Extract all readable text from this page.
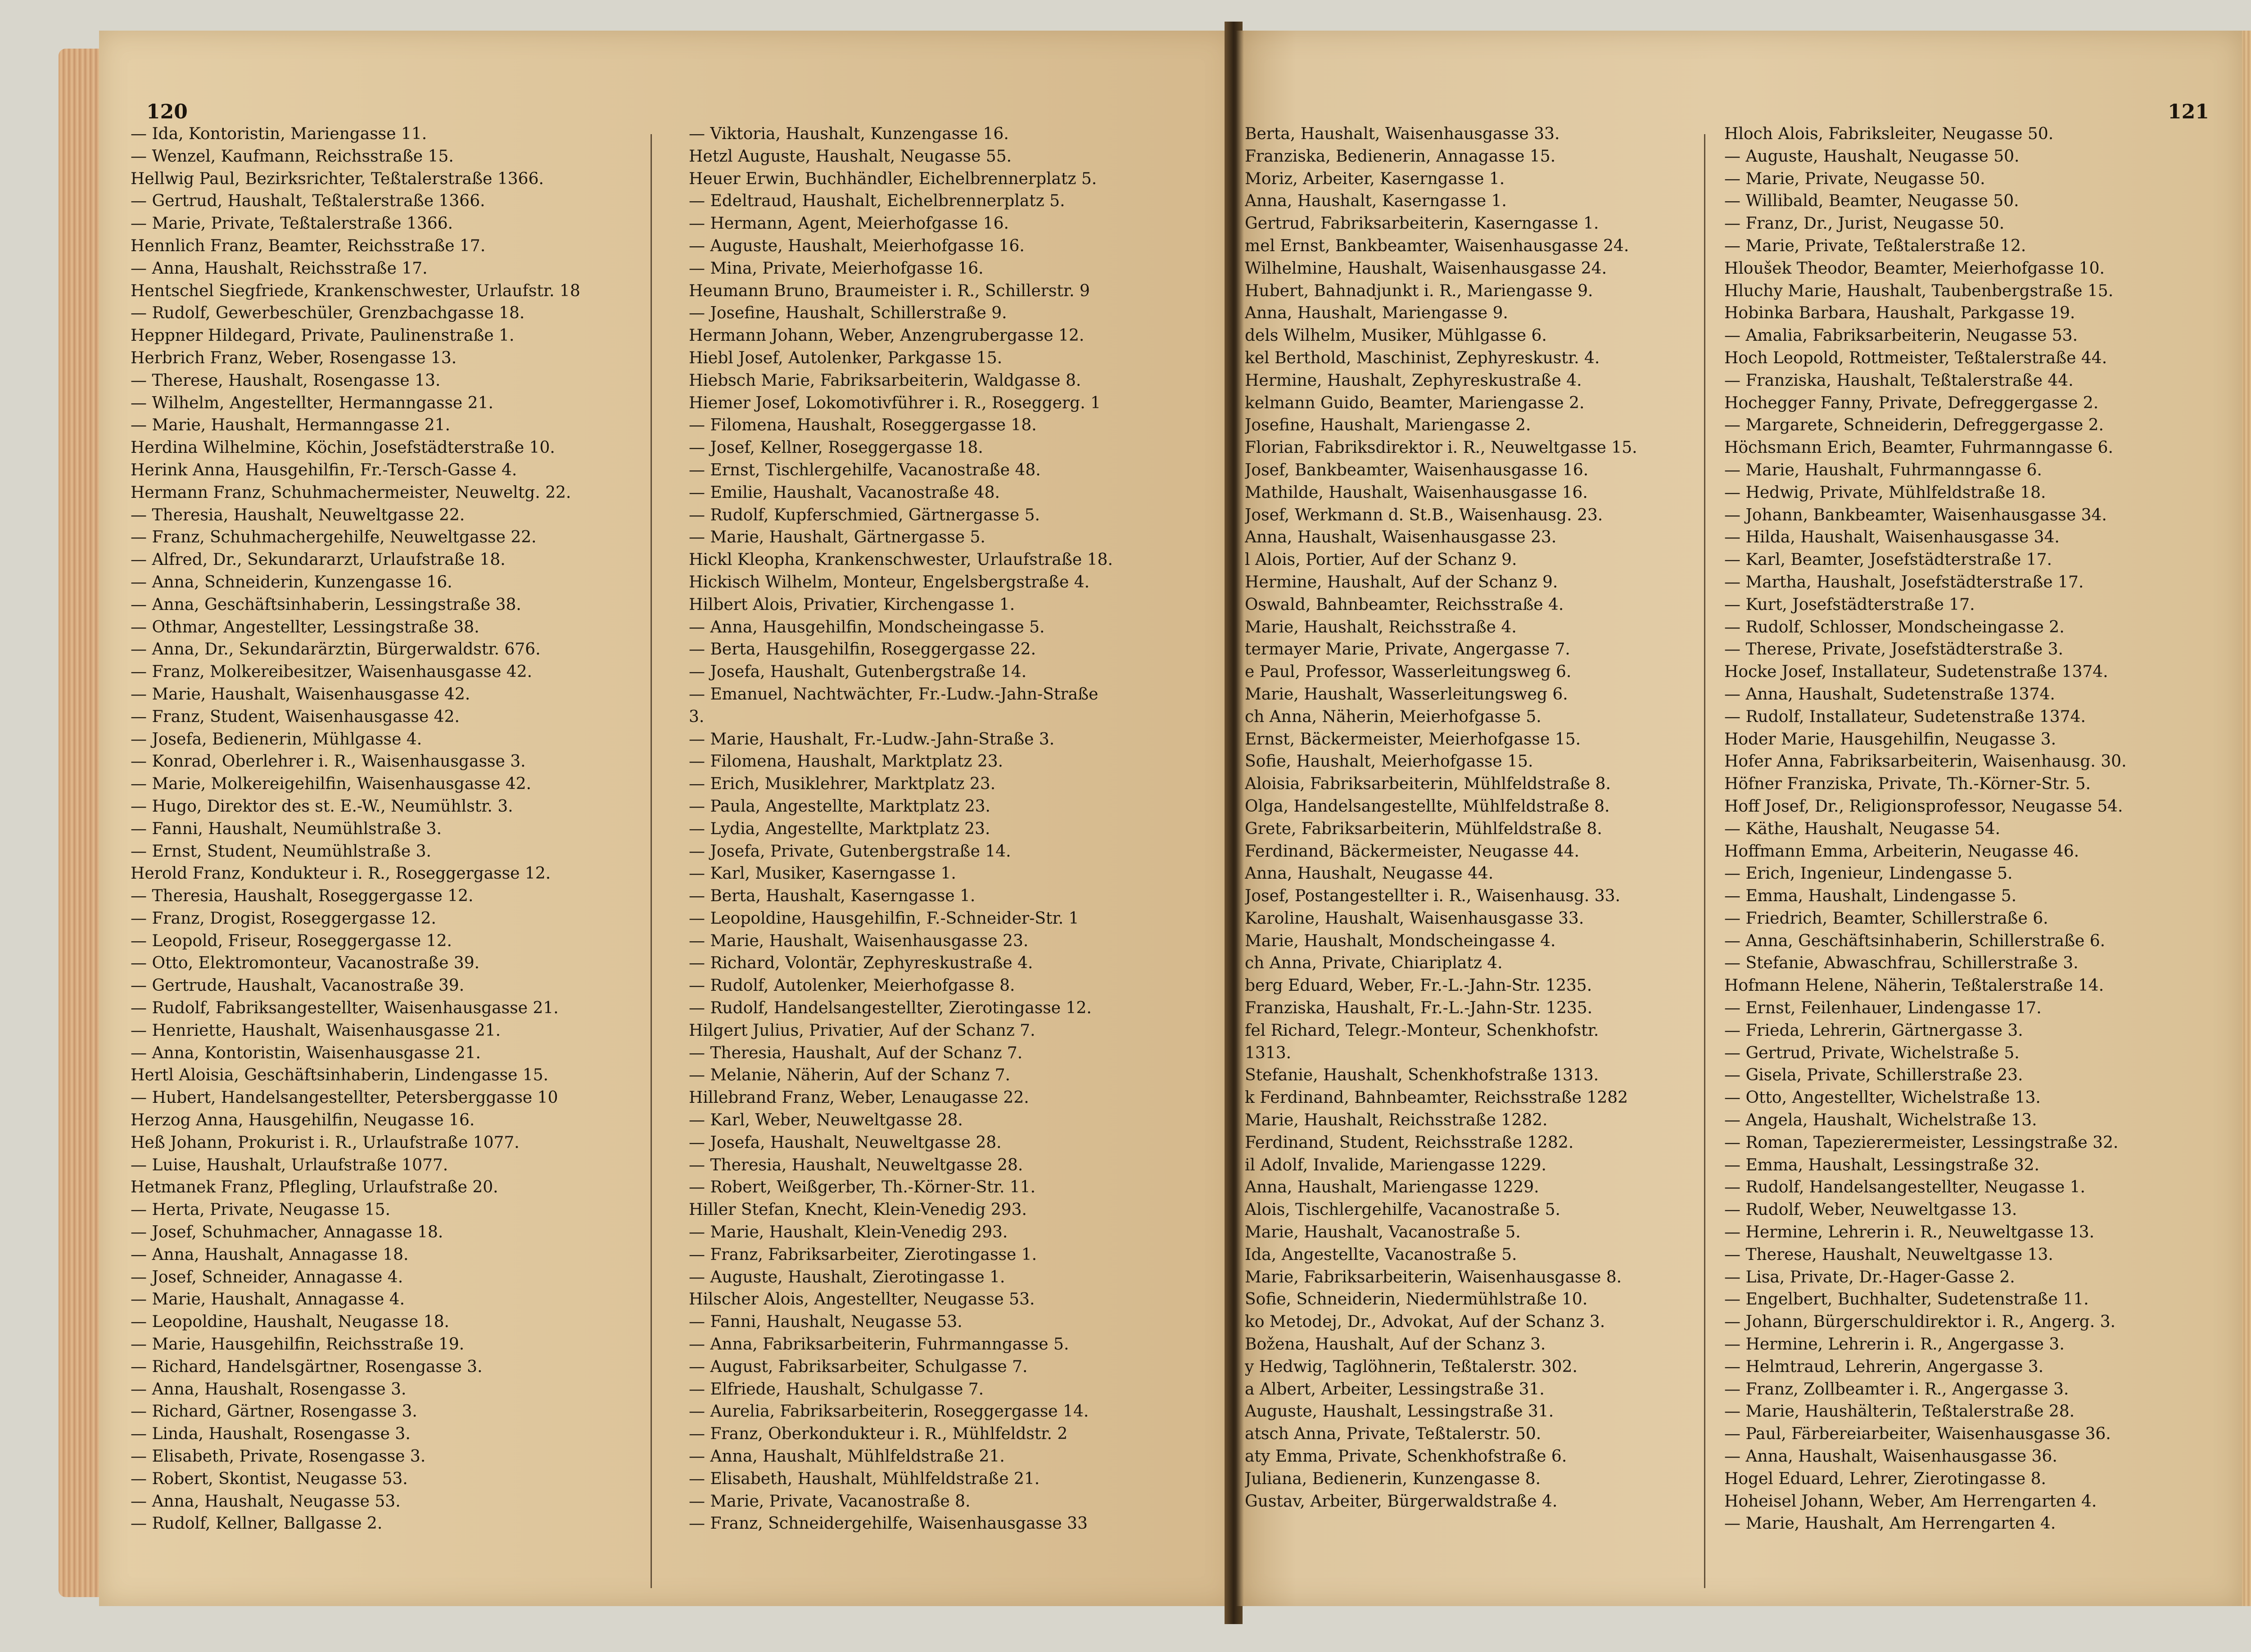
120
— Ida, Kontoristin, Mariengasse 11.
— Wenzel, Kaufmann, Reichsstraße 15.
Hellwig Paul, Bezirksrichter, Teßtalerstraße 1366.
— Gertrud, Haushalt, Teßtalerstraße 1366.
— Marie, Private, Teßtalerstraße 1366.
Hennlich Franz, Beamter, Reichsstraße 17.
— Anna, Haushalt, Reichsstraße 17.
Hentschel Siegfriede, Krankenschwester, Urlaufstr. 18
— Rudolf, Gewerbeschüler, Grenzbachgasse 18.
Heppner Hildegard, Private, Paulinenstraße 1.
Herbrich Franz, Weber, Rosengasse 13.
— Therese, Haushalt, Rosengasse 13.
— Wilhelm, Angestellter, Hermanngasse 21.
— Marie, Haushalt, Hermanngasse 21.
Herdina Wilhelmine, Köchin, Josefstädterstraße 10.
Herink Anna, Hausgehilfin, Fr.-Tersch-Gasse 4.
Hermann Franz, Schuhmachermeister, Neuweltg. 22.
— Theresia, Haushalt, Neuweltgasse 22.
— Franz, Schuhmachergehilfe, Neuweltgasse 22.
— Alfred, Dr., Sekundararzt, Urlaufstraße 18.
— Anna, Schneiderin, Kunzengasse 16.
— Anna, Geschäftsinhaberin, Lessingstraße 38.
— Othmar, Angestellter, Lessingstraße 38.
— Anna, Dr., Sekundarärztin, Bürgerwaldstr. 676.
— Franz, Molkereibesitzer, Waisenhausgasse 42.
— Marie, Haushalt, Waisenhausgasse 42.
— Franz, Student, Waisenhausgasse 42.
— Josefa, Bedienerin, Mühlgasse 4.
— Konrad, Oberlehrer i. R., Waisenhausgasse 3.
— Marie, Molkereigehilfin, Waisenhausgasse 42.
— Hugo, Direktor des st. E.-W., Neumühlstr. 3.
— Fanni, Haushalt, Neumühlstraße 3.
— Ernst, Student, Neumühlstraße 3.
Herold Franz, Kondukteur i. R., Roseggergasse 12.
— Theresia, Haushalt, Roseggergasse 12.
— Franz, Drogist, Roseggergasse 12.
— Leopold, Friseur, Roseggergasse 12.
— Otto, Elektromonteur, Vacanostraße 39.
— Gertrude, Haushalt, Vacanostraße 39.
— Rudolf, Fabriksangestellter, Waisenhausgasse 21.
— Henriette, Haushalt, Waisenhausgasse 21.
— Anna, Kontoristin, Waisenhausgasse 21.
Hertl Aloisia, Geschäftsinhaberin, Lindengasse 15.
— Hubert, Handelsangestellter, Petersberggasse 10
Herzog Anna, Hausgehilfin, Neugasse 16.
Heß Johann, Prokurist i. R., Urlaufstraße 1077.
— Luise, Haushalt, Urlaufstraße 1077.
Hetmanek Franz, Pflegling, Urlaufstraße 20.
— Herta, Private, Neugasse 15.
— Josef, Schuhmacher, Annagasse 18.
— Anna, Haushalt, Annagasse 18.
— Josef, Schneider, Annagasse 4.
— Marie, Haushalt, Annagasse 4.
— Leopoldine, Haushalt, Neugasse 18.
— Marie, Hausgehilfin, Reichsstraße 19.
— Richard, Handelsgärtner, Rosengasse 3.
— Anna, Haushalt, Rosengasse 3.
— Richard, Gärtner, Rosengasse 3.
— Linda, Haushalt, Rosengasse 3.
— Elisabeth, Private, Rosengasse 3.
— Robert, Skontist, Neugasse 53.
— Anna, Haushalt, Neugasse 53.
— Rudolf, Kellner, Ballgasse 2.
— Viktoria, Haushalt, Kunzengasse 16.
Hetzl Auguste, Haushalt, Neugasse 55.
Heuer Erwin, Buchhändler, Eichelbrennerplatz 5.
— Edeltraud, Haushalt, Eichelbrennerplatz 5.
— Hermann, Agent, Meierhofgasse 16.
— Auguste, Haushalt, Meierhofgasse 16.
— Mina, Private, Meierhofgasse 16.
Heumann Bruno, Braumeister i. R., Schillerstr. 9
— Josefine, Haushalt, Schillerstraße 9.
Hermann Johann, Weber, Anzengrubergasse 12.
Hiebl Josef, Autolenker, Parkgasse 15.
Hiebsch Marie, Fabriksarbeiterin, Waldgasse 8.
Hiemer Josef, Lokomotivführer i. R., Roseggerg. 1
— Filomena, Haushalt, Roseggergasse 18.
— Josef, Kellner, Roseggergasse 18.
— Ernst, Tischlergehilfe, Vacanostraße 48.
— Emilie, Haushalt, Vacanostraße 48.
— Rudolf, Kupferschmied, Gärtnergasse 5.
— Marie, Haushalt, Gärtnergasse 5.
Hickl Kleopha, Krankenschwester, Urlaufstraße 18.
Hickisch Wilhelm, Monteur, Engelsbergstraße 4.
Hilbert Alois, Privatier, Kirchengasse 1.
— Anna, Hausgehilfin, Mondscheingasse 5.
— Berta, Hausgehilfin, Roseggergasse 22.
— Josefa, Haushalt, Gutenbergstraße 14.
— Emanuel, Nachtwächter, Fr.-Ludw.-Jahn-Straße
3.
— Marie, Haushalt, Fr.-Ludw.-Jahn-Straße 3.
— Filomena, Haushalt, Marktplatz 23.
— Erich, Musiklehrer, Marktplatz 23.
— Paula, Angestellte, Marktplatz 23.
— Lydia, Angestellte, Marktplatz 23.
— Josefa, Private, Gutenbergstraße 14.
— Karl, Musiker, Kaserngasse 1.
— Berta, Haushalt, Kaserngasse 1.
— Leopoldine, Hausgehilfin, F.-Schneider-Str. 1
— Marie, Haushalt, Waisenhausgasse 23.
— Richard, Volontär, Zephyreskustraße 4.
— Rudolf, Autolenker, Meierhofgasse 8.
— Rudolf, Handelsangestellter, Zierotingasse 12.
Hilgert Julius, Privatier, Auf der Schanz 7.
— Theresia, Haushalt, Auf der Schanz 7.
— Melanie, Näherin, Auf der Schanz 7.
Hillebrand Franz, Weber, Lenaugasse 22.
— Karl, Weber, Neuweltgasse 28.
— Josefa, Haushalt, Neuweltgasse 28.
— Theresia, Haushalt, Neuweltgasse 28.
— Robert, Weißgerber, Th.-Körner-Str. 11.
Hiller Stefan, Knecht, Klein-Venedig 293.
— Marie, Haushalt, Klein-Venedig 293.
— Franz, Fabriksarbeiter, Zierotingasse 1.
— Auguste, Haushalt, Zierotingasse 1.
Hilscher Alois, Angestellter, Neugasse 53.
— Fanni, Haushalt, Neugasse 53.
— Anna, Fabriksarbeiterin, Fuhrmanngasse 5.
— August, Fabriksarbeiter, Schulgasse 7.
— Elfriede, Haushalt, Schulgasse 7.
— Aurelia, Fabriksarbeiterin, Roseggergasse 14.
— Franz, Oberkondukteur i. R., Mühlfeldstr. 2
— Anna, Haushalt, Mühlfeldstraße 21.
— Elisabeth, Haushalt, Mühlfeldstraße 21.
— Marie, Private, Vacanostraße 8.
— Franz, Schneidergehilfe, Waisenhausgasse 33
121
Berta, Haushalt, Waisenhausgasse 33.
Franziska, Bedienerin, Annagasse 15.
Moriz, Arbeiter, Kaserngasse 1.
Anna, Haushalt, Kaserngasse 1.
Gertrud, Fabriksarbeiterin, Kaserngasse 1.
mel Ernst, Bankbeamter, Waisenhausgasse 24.
Wilhelmine, Haushalt, Waisenhausgasse 24.
Hubert, Bahnadjunkt i. R., Mariengasse 9.
Anna, Haushalt, Mariengasse 9.
dels Wilhelm, Musiker, Mühlgasse 6.
kel Berthold, Maschinist, Zephyreskustr. 4.
Hermine, Haushalt, Zephyreskustraße 4.
kelmann Guido, Beamter, Mariengasse 2.
Josefine, Haushalt, Mariengasse 2.
Florian, Fabriksdirektor i. R., Neuweltgasse 15.
Josef, Bankbeamter, Waisenhausgasse 16.
Mathilde, Haushalt, Waisenhausgasse 16.
Josef, Werkmann d. St.B., Waisenhausg. 23.
Anna, Haushalt, Waisenhausgasse 23.
l Alois, Portier, Auf der Schanz 9.
Hermine, Haushalt, Auf der Schanz 9.
Oswald, Bahnbeamter, Reichsstraße 4.
Marie, Haushalt, Reichsstraße 4.
termayer Marie, Private, Angergasse 7.
e Paul, Professor, Wasserleitungsweg 6.
Marie, Haushalt, Wasserleitungsweg 6.
ch Anna, Näherin, Meierhofgasse 5.
Ernst, Bäckermeister, Meierhofgasse 15.
Sofie, Haushalt, Meierhofgasse 15.
Aloisia, Fabriksarbeiterin, Mühlfeldstraße 8.
Olga, Handelsangestellte, Mühlfeldstraße 8.
Grete, Fabriksarbeiterin, Mühlfeldstraße 8.
Ferdinand, Bäckermeister, Neugasse 44.
Anna, Haushalt, Neugasse 44.
Josef, Postangestellter i. R., Waisenhausg. 33.
Karoline, Haushalt, Waisenhausgasse 33.
Marie, Haushalt, Mondscheingasse 4.
ch Anna, Private, Chiariplatz 4.
berg Eduard, Weber, Fr.-L.-Jahn-Str. 1235.
Franziska, Haushalt, Fr.-L.-Jahn-Str. 1235.
fel Richard, Telegr.-Monteur, Schenkhofstr.
1313.
Stefanie, Haushalt, Schenkhofstraße 1313.
k Ferdinand, Bahnbeamter, Reichsstraße 1282
Marie, Haushalt, Reichsstraße 1282.
Ferdinand, Student, Reichsstraße 1282.
il Adolf, Invalide, Mariengasse 1229.
Anna, Haushalt, Mariengasse 1229.
Alois, Tischlergehilfe, Vacanostraße 5.
Marie, Haushalt, Vacanostraße 5.
Ida, Angestellte, Vacanostraße 5.
Marie, Fabriksarbeiterin, Waisenhausgasse 8.
Sofie, Schneiderin, Niedermühlstraße 10.
ko Metodej, Dr., Advokat, Auf der Schanz 3.
Božena, Haushalt, Auf der Schanz 3.
y Hedwig, Taglöhnerin, Teßtalerstr. 302.
a Albert, Arbeiter, Lessingstraße 31.
Auguste, Haushalt, Lessingstraße 31.
atsch Anna, Private, Teßtalerstr. 50.
aty Emma, Private, Schenkhofstraße 6.
Juliana, Bedienerin, Kunzengasse 8.
Gustav, Arbeiter, Bürgerwaldstraße 4.
Hloch Alois, Fabriksleiter, Neugasse 50.
— Auguste, Haushalt, Neugasse 50.
— Marie, Private, Neugasse 50.
— Willibald, Beamter, Neugasse 50.
— Franz, Dr., Jurist, Neugasse 50.
— Marie, Private, Teßtalerstraße 12.
Hloušek Theodor, Beamter, Meierhofgasse 10.
Hluchy Marie, Haushalt, Taubenbergstraße 15.
Hobinka Barbara, Haushalt, Parkgasse 19.
— Amalia, Fabriksarbeiterin, Neugasse 53.
Hoch Leopold, Rottmeister, Teßtalerstraße 44.
— Franziska, Haushalt, Teßtalerstraße 44.
Hochegger Fanny, Private, Defreggergasse 2.
— Margarete, Schneiderin, Defreggergasse 2.
Höchsmann Erich, Beamter, Fuhrmanngasse 6.
— Marie, Haushalt, Fuhrmanngasse 6.
— Hedwig, Private, Mühlfeldstraße 18.
— Johann, Bankbeamter, Waisenhausgasse 34.
— Hilda, Haushalt, Waisenhausgasse 34.
— Karl, Beamter, Josefstädterstraße 17.
— Martha, Haushalt, Josefstädterstraße 17.
— Kurt, Josefstädterstraße 17.
— Rudolf, Schlosser, Mondscheingasse 2.
— Therese, Private, Josefstädterstraße 3.
Hocke Josef, Installateur, Sudetenstraße 1374.
— Anna, Haushalt, Sudetenstraße 1374.
— Rudolf, Installateur, Sudetenstraße 1374.
Hoder Marie, Hausgehilfin, Neugasse 3.
Hofer Anna, Fabriksarbeiterin, Waisenhausg. 30.
Höfner Franziska, Private, Th.-Körner-Str. 5.
Hoff Josef, Dr., Religionsprofessor, Neugasse 54.
— Käthe, Haushalt, Neugasse 54.
Hoffmann Emma, Arbeiterin, Neugasse 46.
— Erich, Ingenieur, Lindengasse 5.
— Emma, Haushalt, Lindengasse 5.
— Friedrich, Beamter, Schillerstraße 6.
— Anna, Geschäftsinhaberin, Schillerstraße 6.
— Stefanie, Abwaschfrau, Schillerstraße 3.
Hofmann Helene, Näherin, Teßtalerstraße 14.
— Ernst, Feilenhauer, Lindengasse 17.
— Frieda, Lehrerin, Gärtnergasse 3.
— Gertrud, Private, Wichelstraße 5.
— Gisela, Private, Schillerstraße 23.
— Otto, Angestellter, Wichelstraße 13.
— Angela, Haushalt, Wichelstraße 13.
— Roman, Tapezierermeister, Lessingstraße 32.
— Emma, Haushalt, Lessingstraße 32.
— Rudolf, Handelsangestellter, Neugasse 1.
— Rudolf, Weber, Neuweltgasse 13.
— Hermine, Lehrerin i. R., Neuweltgasse 13.
— Therese, Haushalt, Neuweltgasse 13.
— Lisa, Private, Dr.-Hager-Gasse 2.
— Engelbert, Buchhalter, Sudetenstraße 11.
— Johann, Bürgerschuldirektor i. R., Angerg. 3.
— Hermine, Lehrerin i. R., Angergasse 3.
— Helmtraud, Lehrerin, Angergasse 3.
— Franz, Zollbeamter i. R., Angergasse 3.
— Marie, Haushälterin, Teßtalerstraße 28.
— Paul, Färbereiarbeiter, Waisenhausgasse 36.
— Anna, Haushalt, Waisenhausgasse 36.
Hogel Eduard, Lehrer, Zierotingasse 8.
Hoheisel Johann, Weber, Am Herrengarten 4.
— Marie, Haushalt, Am Herrengarten 4.
